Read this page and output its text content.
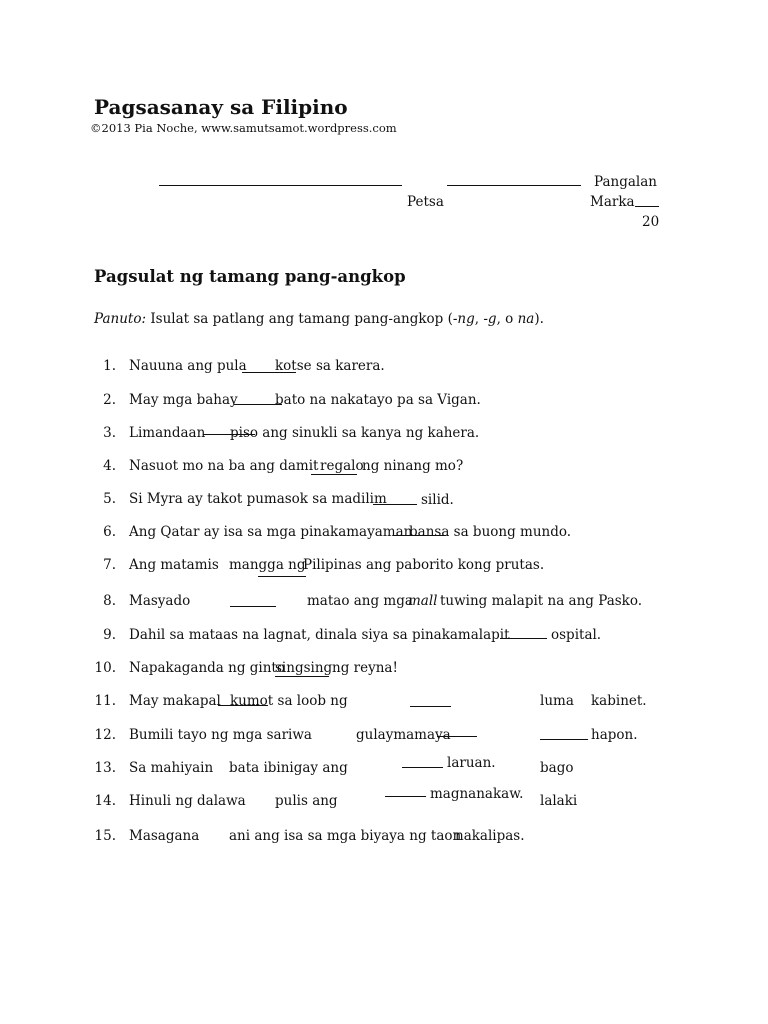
Pagsasanay sa Filipino
©2013 Pia Noche, www.samutsamot.wordpress.com
Pangalan
Petsa	Marka
20
Pagsulat ng tamang pang-angkop
Panuto: Isulat sa patlang ang tamang pang-angkop (-ng, -g, o na).
1. Nauuna ang pula kotse sa karera.
2. May mga bahay	bato na nakatayo pa sa Vigan.
3. Limandaan piso ang sinukli sa kanya ng kahera.
4. Nasuot mo na ba ang damit regalo
ng ninang mo?
5. Si Myra ay takot pumasok sa madilim	silid.
6. Ang Qatar ay isa sa mga pinakamayaman
bansa sa buong mundo.
7. Ang matamis mangga ng
Pilipinas ang paborito kong prutas.
8. Masyado	matao ang mga
mall tuwing malapit na ang Pasko.
9. Dahil sa mataas na lagnat, dinala siya sa pinakamalapit	ospital.
10. Napakaganda ng ginto
singsing ng reyna!
11. May makapal kumot sa loob ng	luma kabinet.
12. Bumili tayo ng mga sariwa	gulaymamaya	hapon.
13. Sa mahiyain bata ibinigay ang	laruan.	bago
14. Hinuli ng dalawa pulis ang	magnanakaw. lalaki
15. Masagana ani ang isa sa mga biyaya ng taon
nakalipas.
